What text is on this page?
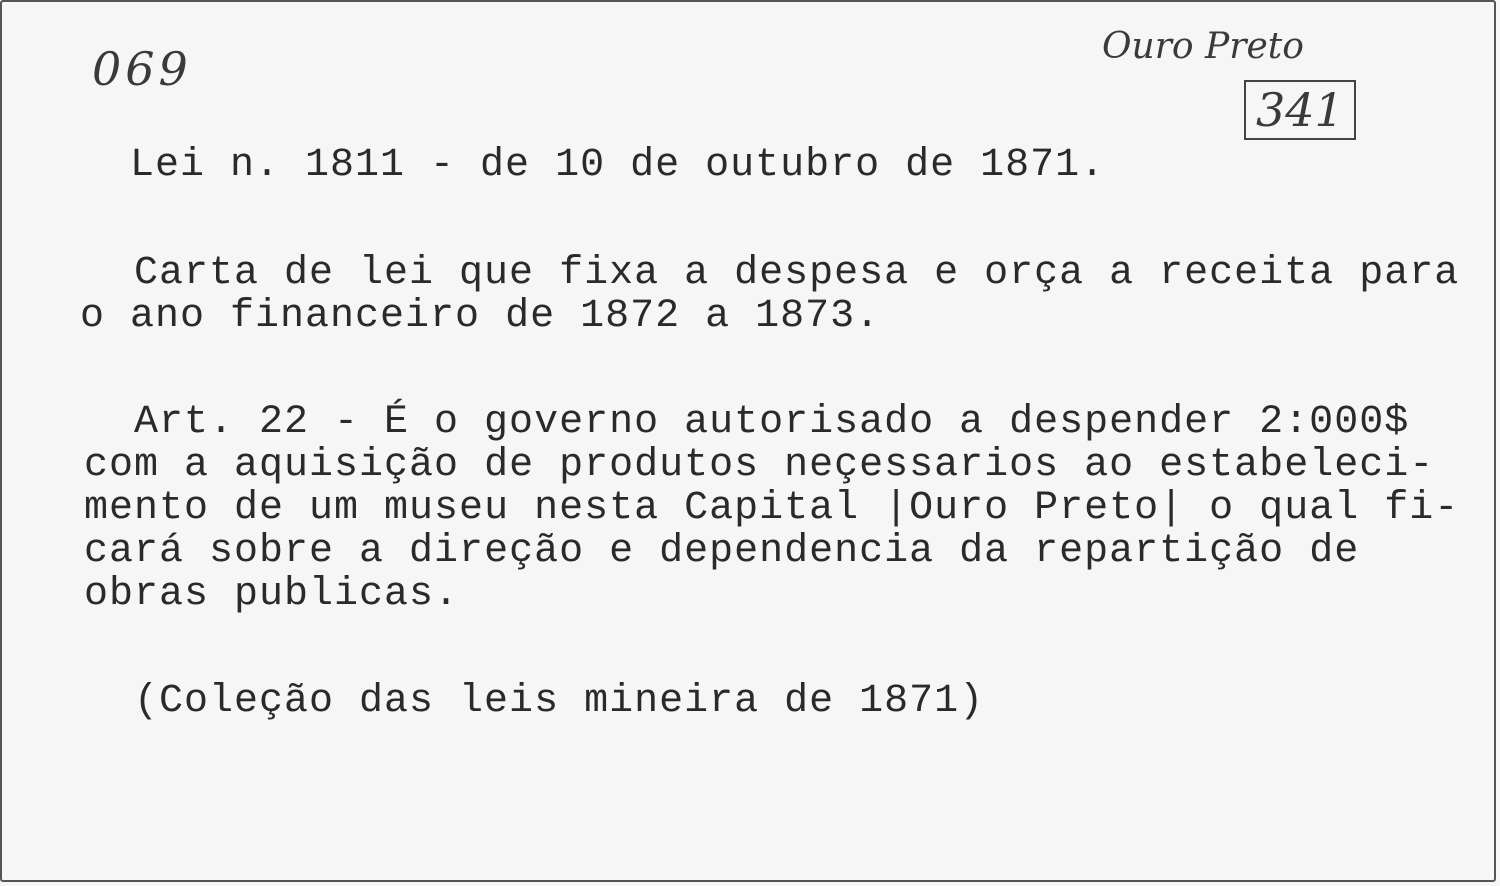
069	Ouro Preto
341

Lei n. 1811 - de 10 de outubro de 1871.

Carta de lei que fixa a despesa e orça a receita para

o ano financeiro de 1872 a 1873.

Art. 22 - É o governo autorisado a despender 2:000$

com a aquisição de produtos neçessarios ao estabeleci-

mento de um museu nesta Capital |Ouro Preto| o qual fi-

cará sobre a direção e dependencia da repartição de

obras publicas.

(Coleção das leis mineira de 1871)
